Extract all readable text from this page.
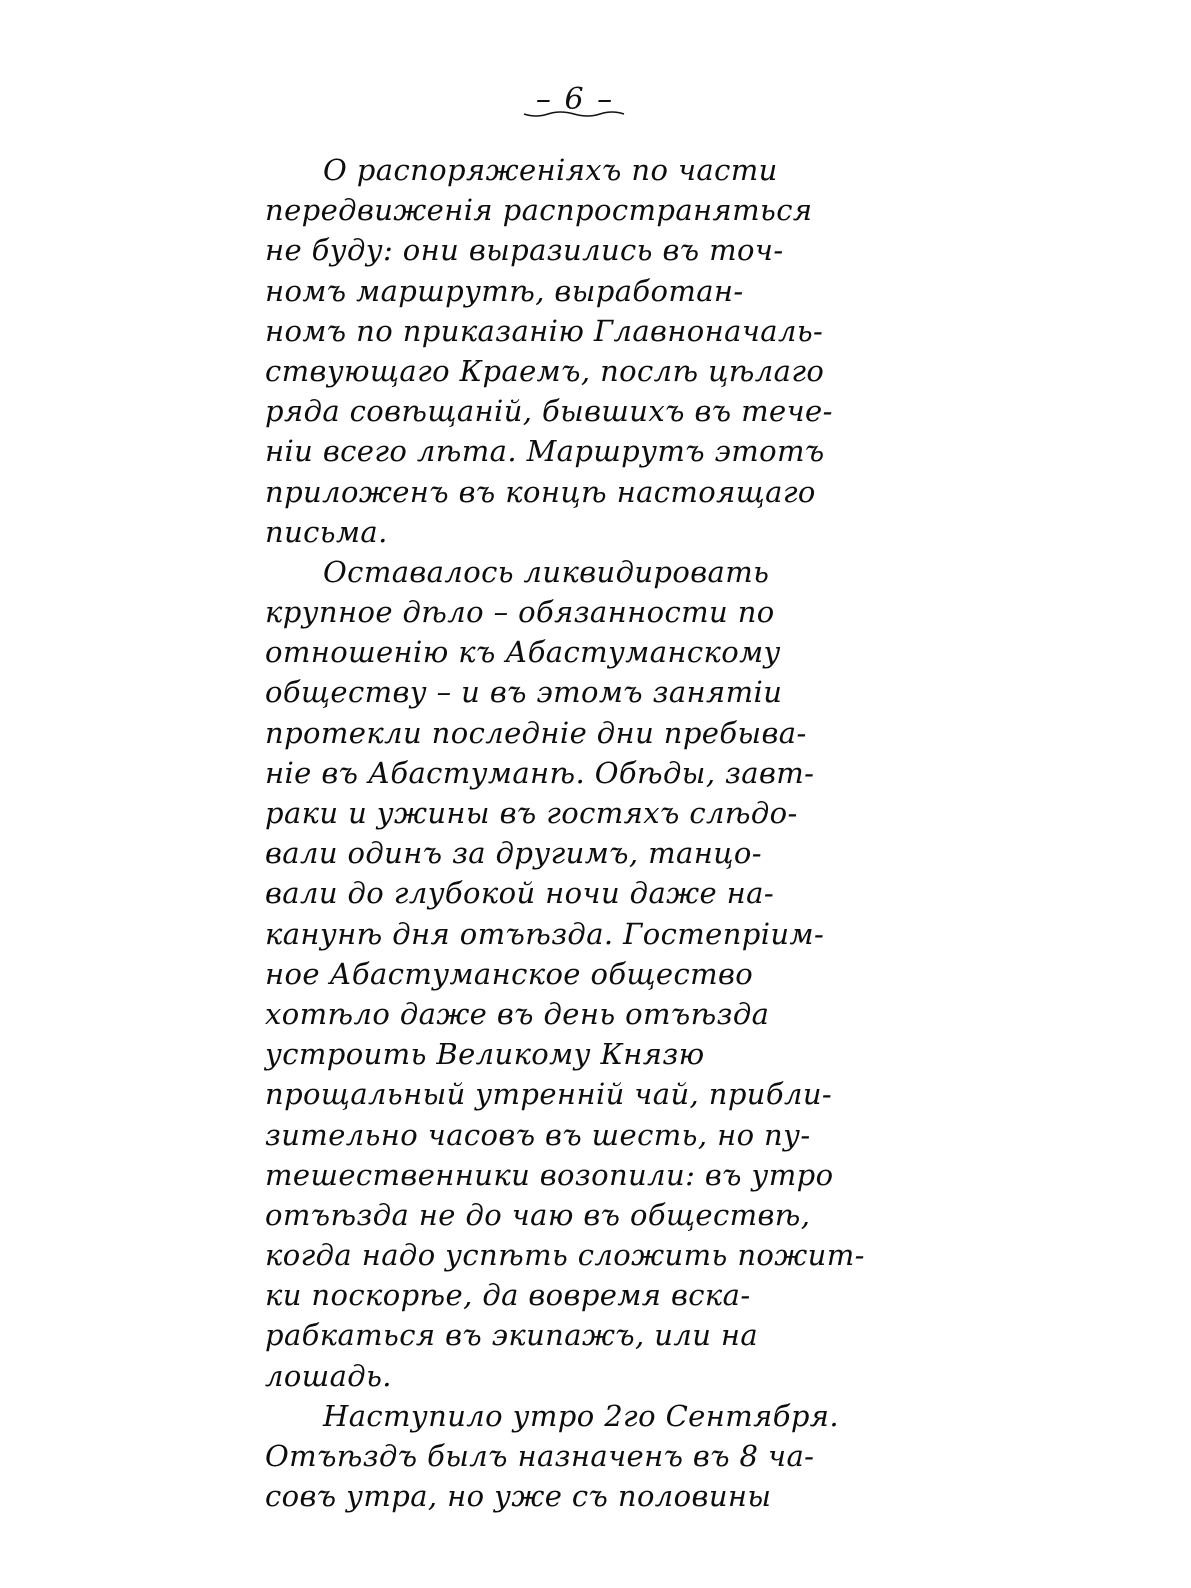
– 6 –
О распоряженiяхъ по части
передвиженiя распространяться
не буду: они выразились въ точ-
номъ маршрутѣ, выработан-
номъ по приказанiю Главноначаль-
ствующаго Краемъ, послѣ цѣлаго
ряда совѣщанiй, бывшихъ въ тече-
нiи всего лѣта. Маршрутъ этотъ
приложенъ въ концѣ настоящаго
письма.
Оставалось ликвидировать
крупное дѣло – обязанности по
отношенiю къ Абастуманскому
обществу – и въ этомъ занятiи
протекли последнiе дни пребыва-
нiе въ Абастуманѣ. Обѣды, завт-
раки и ужины въ гостяхъ слѣдо-
вали одинъ за другимъ, танцо-
вали до глубокой ночи даже на-
канунѣ дня отъѣзда. Гостепрiим-
ное Абастуманское общество
хотѣло даже въ день отъѣзда
устроить Великому Князю
прощальный утреннiй чай, прибли-
зительно часовъ въ шесть, но пу-
тешественники возопили: въ утро
отъѣзда не до чаю въ обществѣ,
когда надо успѣть сложить пожит-
ки поскорѣе, да вовремя вска-
рабкаться въ экипажъ, или на
лошадь.
Наступило утро 2го Сентября.
Отъѣздъ былъ назначенъ въ 8 ча-
совъ утра, но уже съ половины
